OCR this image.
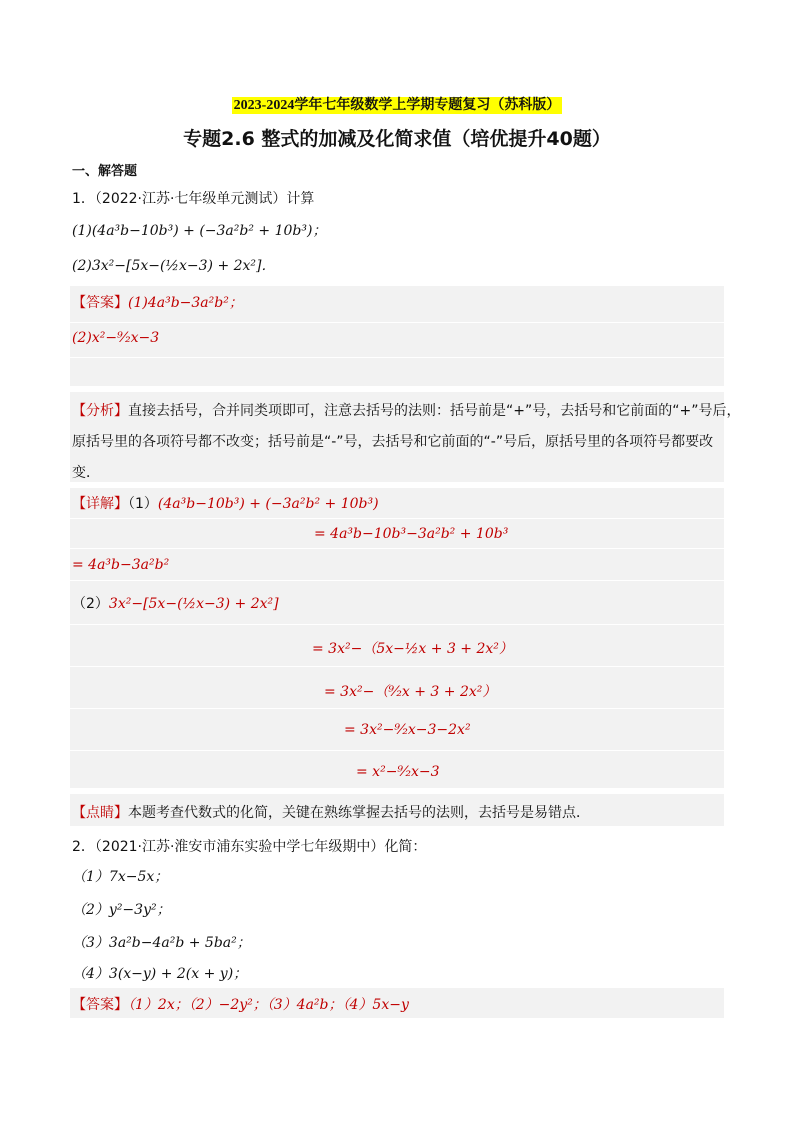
2023-2024学年七年级数学上学期专题复习（苏科版）
专题2.6 整式的加减及化简求值（培优提升40题）
一、解答题
1．（2022·江苏·七年级单元测试）计算
(1)(4a³b−10b³) + (−3a²b² + 10b³)；
(2)3x²−[5x−(½x−3) + 2x²]．
【答案】(1)4a³b−3a²b²；
(2)x²−⁹⁄₂x−3
【分析】直接去括号，合并同类项即可，注意去括号的法则：括号前是“+”号，去括号和它前面的“+”号后，
原括号里的各项符号都不改变；括号前是“-”号，去括号和它前面的“-”号后，原括号里的各项符号都要改
变．
【详解】（1）(4a³b−10b³) + (−3a²b² + 10b³)
= 4a³b−10b³−3a²b² + 10b³
= 4a³b−3a²b²
（2）3x²−[5x−(½x−3) + 2x²]
= 3x²−（5x−½x + 3 + 2x²）
= 3x²−（⁹⁄₂x + 3 + 2x²）
= 3x²−⁹⁄₂x−3−2x²
= x²−⁹⁄₂x−3
【点睛】本题考查代数式的化简，关键在熟练掌握去括号的法则，去括号是易错点．
2．（2021·江苏·淮安市浦东实验中学七年级期中）化简：
（1）7x−5x；
（2）y²−3y²；
（3）3a²b−4a²b + 5ba²；
（4）3(x−y) + 2(x + y)；
【答案】（1）2x；（2）−2y²；（3）4a²b；（4）5x−y
